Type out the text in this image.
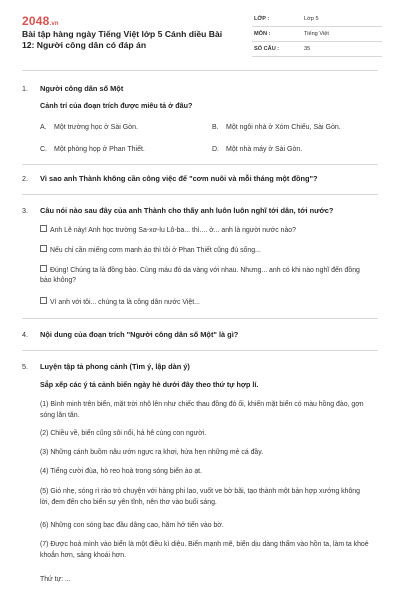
2048.vn
Bài tập hàng ngày Tiếng Việt lớp 5 Cánh diều Bài 12: Người công dân có đáp án
LỚP :	Lớp 5
MÔN :	Tiếng Việt
SỐ CÂU :	35
1. Người công dân số Một
Cảnh trí của đoạn trích được miêu tả ở đâu?
A. Một trường học ở Sài Gòn.	B. Một ngôi nhà ở Xóm Chiếu, Sài Gòn.
C. Một phòng họp ở Phan Thiết.	D. Một nhà máy ở Sài Gòn.
2. Vì sao anh Thành không cần công việc để "cơm nuôi và mỗi tháng một đồng"?
3. Câu nói nào sau đây của anh Thành cho thấy anh luôn luôn nghĩ tới dân, tới nước?
Anh Lê này! Anh học trường Sa-xơ-lu Lô-ba... thì.... ở... anh là người nước nào?
Nếu chỉ cần miếng cơm manh áo thì tôi ở Phan Thiết cũng đủ sống...
Đúng! Chúng ta là đồng bào. Cùng máu đỏ da vàng với nhau. Nhưng... anh có khi nào nghĩ đến đồng bào không?
Vì anh với tôi... chúng ta là công dân nước Việt...
4. Nội dung của đoạn trích "Người công dân số Một" là gì?
5. Luyện tập tả phong cảnh (Tìm ý, lập dàn ý)
Sắp xếp các ý tả cảnh biển ngày hè dưới đây theo thứ tự hợp lí.
(1) Bình minh trên biển, mặt trời nhô lên như chiếc thau đồng đỏ ối, khiến mặt biển có màu hồng đào, gợn sóng lăn tăn.
(2) Chiều về, biển cũng sôi nổi, hả hê cùng con người.
(3) Những cánh buồm nâu ướn ngực ra khơi, hứa hẹn những mẻ cá đầy.
(4) Tiếng cười đùa, hò reo hoà trong sóng biển ào ạt.
(5) Gió nhẹ, sóng rì rào trò chuyện với hàng phi lao, vuốt ve bờ bãi, tạo thành một bản hợp xướng không lời, đem đến cho biển sự yên tĩnh, nên thơ vào buổi sáng.
(6) Những con sóng bạc đầu dâng cao, hăm hở tiến vào bờ.
(7) Được hoà mình vào biển là một điều kì diệu. Biển mạnh mẽ, biển dịu dàng thấm vào hồn ta, làm ta khoẻ khoắn hơn, sảng khoái hơn.
Thứ tự: ...
